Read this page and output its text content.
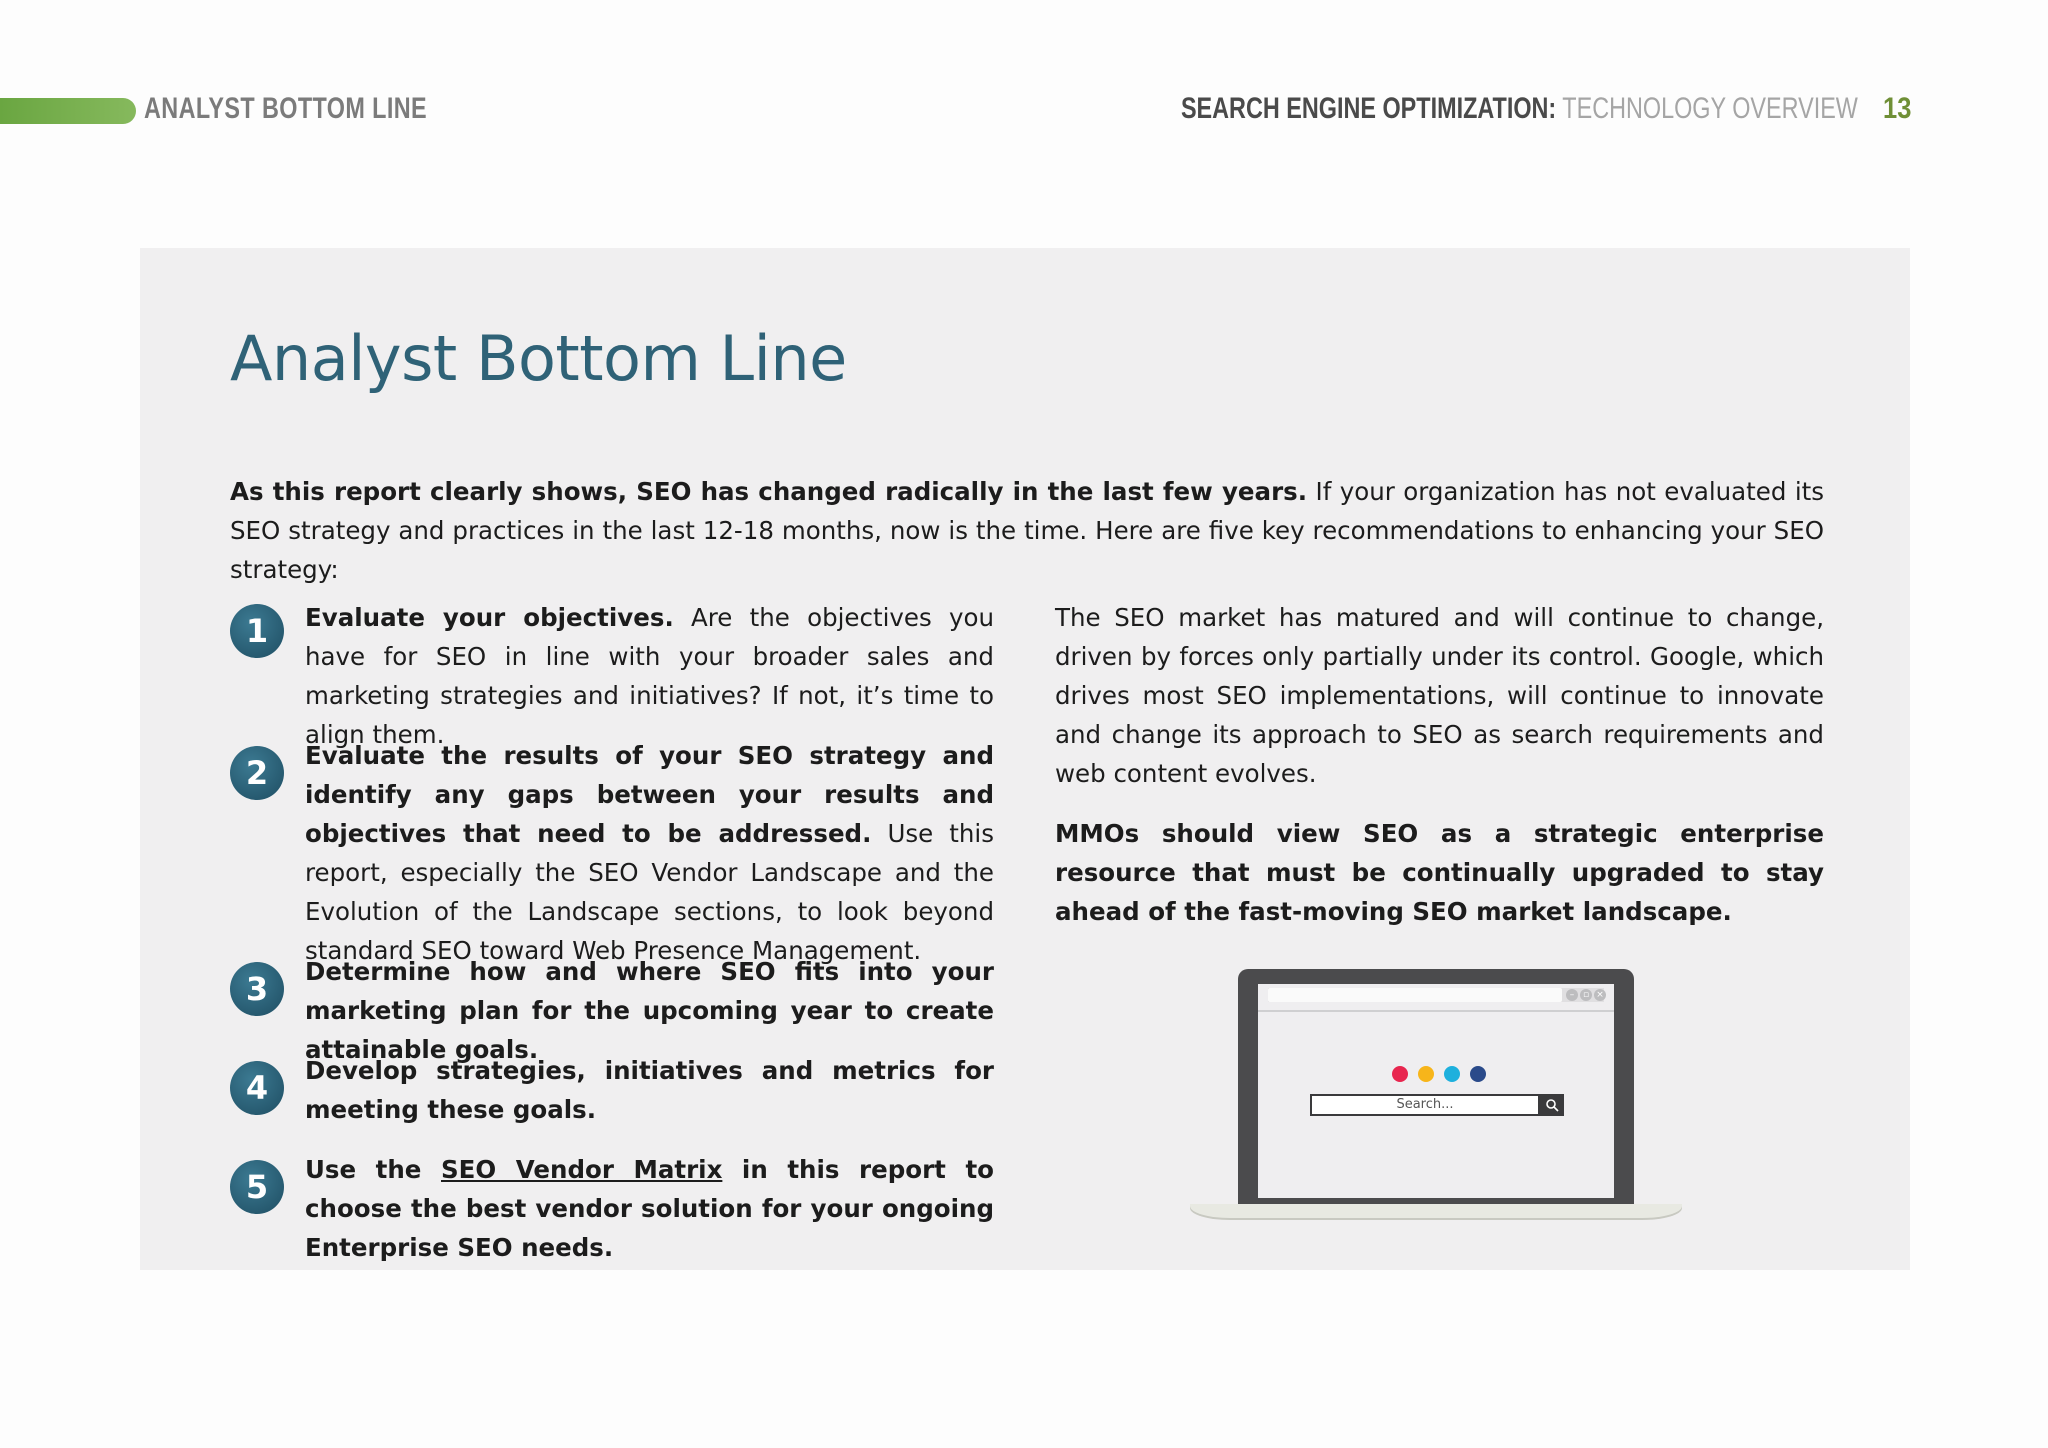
ANALYST BOTTOM LINE	SEARCH ENGINE OPTIMIZATION: TECHNOLOGY OVERVIEW 13
Analyst Bottom Line

As this report clearly shows, SEO has changed radically in the last few years. If your organization has not evaluated its SEO strategy and practices in the last 12-18 months, now is the time. Here are five key recommendations to enhancing your SEO strategy:

1	Evaluate your objectives. Are the objectives you have for SEO in line with your broader sales and marketing strategies and initiatives? If not, it’s time to align them.

2	Evaluate the results of your SEO strategy and identify any gaps between your results and objectives that need to be addressed. Use this report, especially the SEO Vendor Landscape and the Evolution of the Landscape sections, to look beyond standard SEO toward Web Presence Management.

3	Determine how and where SEO fits into your marketing plan for the upcoming year to create attainable goals.

4	Develop strategies, initiatives and metrics for meeting these goals.

5	Use the SEO Vendor Matrix in this report to choose the best vendor solution for your ongoing Enterprise SEO needs.

The SEO market has matured and will continue to change, driven by forces only partially under its control. Google, which drives most SEO implementations, will continue to innovate and change its approach to SEO as search requirements and web content evolves.

MMOs should view SEO as a strategic enterprise resource that must be continually upgraded to stay ahead of the fast-moving SEO market landscape.

– ▫ ×
Search...
